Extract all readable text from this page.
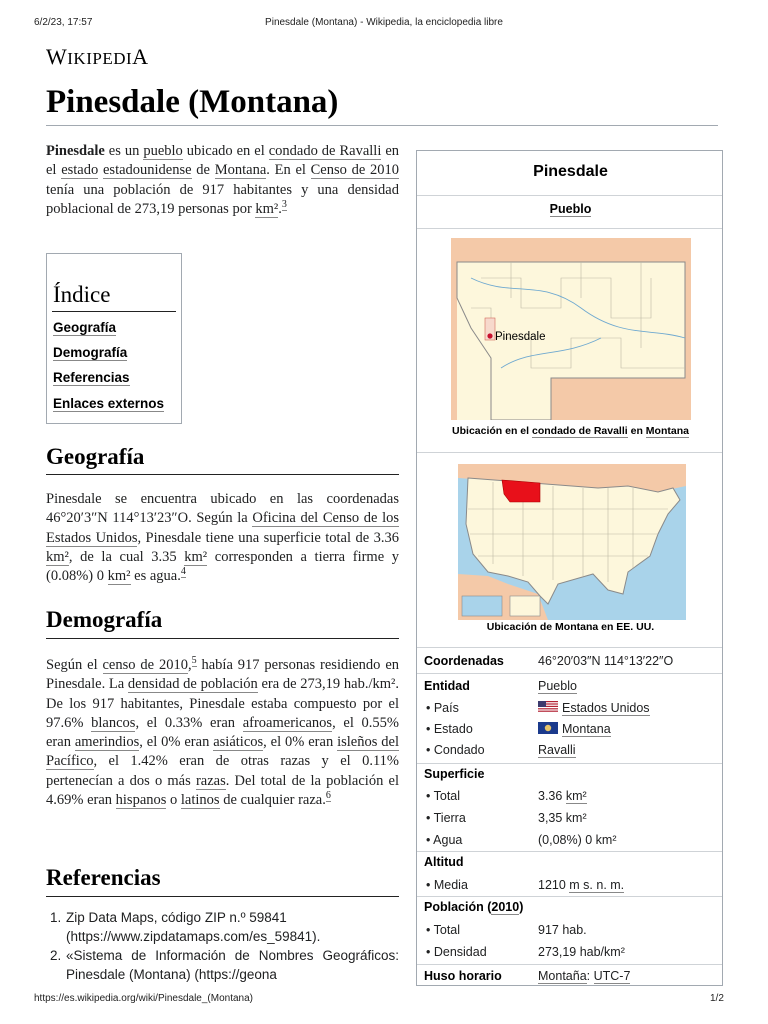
6/2/23, 17:57	Pinesdale (Montana) - Wikipedia, la enciclopedia libre
WIKIPEDIA
Pinesdale (Montana)
Pinesdale es un pueblo ubicado en el condado de Ravalli en el estado estadounidense de Montana. En el Censo de 2010 tenía una población de 917 habitantes y una densidad poblacional de 273,19 personas por km².$^3$
Índice
Geografía
Demografía
Referencias
Enlaces externos
Geografía
Pinesdale se encuentra ubicado en las coordenadas 46°20′3″N 114°13′23″O. Según la Oficina del Censo de los Estados Unidos, Pinesdale tiene una superficie total de 3.36 km², de la cual 3.35 km² corresponden a tierra firme y (0.08%) 0 km² es agua.$^4$
Demografía
Según el censo de 2010,$^5$ había 917 personas residiendo en Pinesdale. La densidad de población era de 273,19 hab./km². De los 917 habitantes, Pinesdale estaba compuesto por el 97.6% blancos, el 0.33% eran afroamericanos, el 0.55% eran amerindios, el 0% eran asiáticos, el 0% eran isleños del Pacífico, el 1.42% eran de otras razas y el 0.11% pertenecían a dos o más razas. Del total de la población el 4.69% eran hispanos o latinos de cualquier raza.$^6$
Referencias
1. Zip Data Maps, código ZIP n.º 59841 (https://www.zipdatamaps.com/es_59841).
2. «Sistema de Información de Nombres Geográficos: Pinesdale (Montana) (https://geona
Pinesdale
Pueblo
Pinesdale
Ubicación en el condado de Ravalli en Montana
Ubicación de Montana en EE. UU.
Coordenadas	46°20′03″N 114°13′22″O
Entidad	Pueblo
• País	Estados Unidos
• Estado	Montana
• Condado	Ravalli
Superficie
• Total	3.36 km²
• Tierra	3,35 km²
• Agua	(0,08%) 0 km²
Altitud
• Media	1210 m s. n. m.
Población (2010)
• Total	917 hab.
• Densidad	273,19 hab/km²
Huso horario	Montaña: UTC-7
https://es.wikipedia.org/wiki/Pinesdale_(Montana)	1/2
